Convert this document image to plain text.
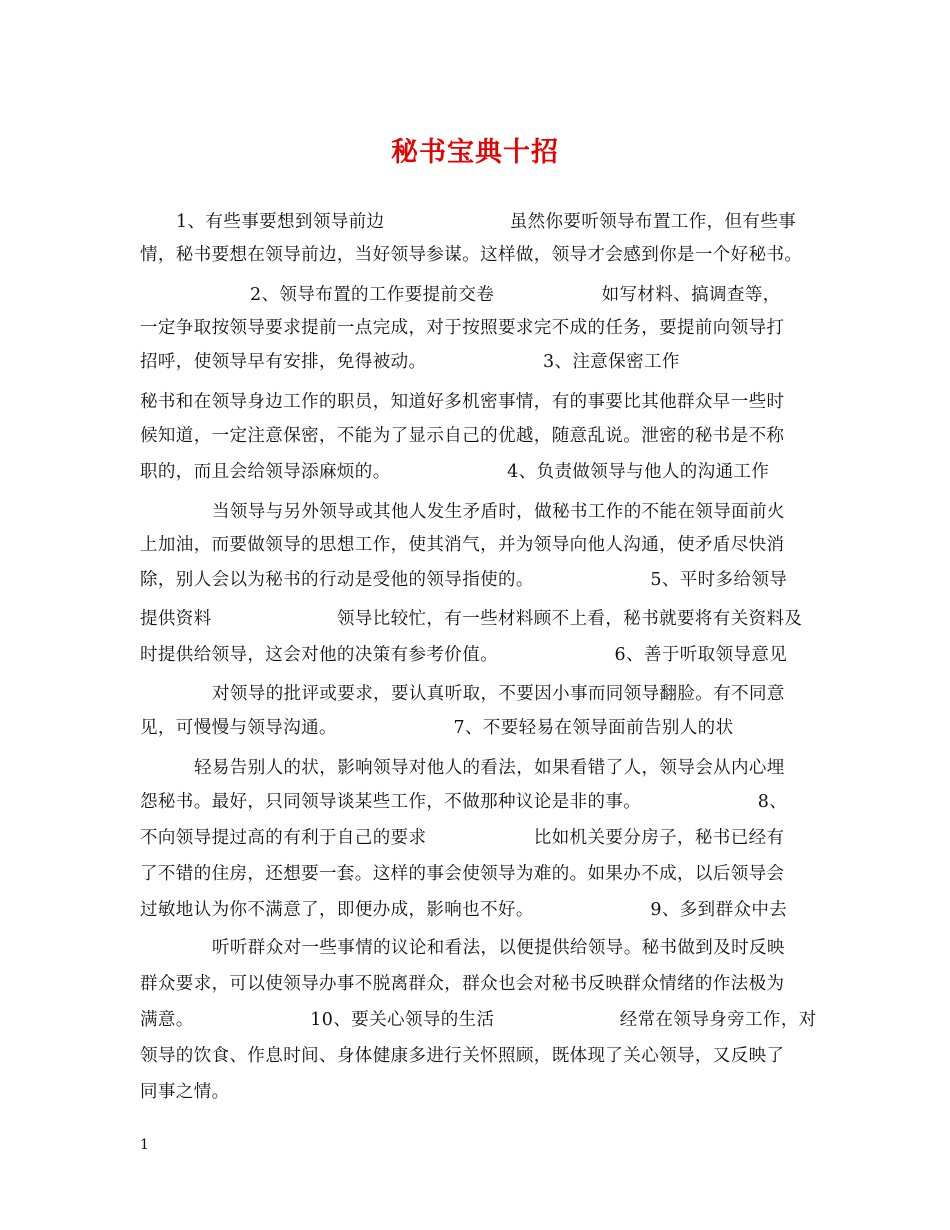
秘书宝典十招
1、有些事要想到领导前边　　　　　　　虽然你要听领导布置工作，但有些事
情，秘书要想在领导前边，当好领导参谋。这样做，领导才会感到你是一个好秘书。
2、领导布置的工作要提前交卷　　　　　　如写材料、搞调查等，
一定争取按领导要求提前一点完成，对于按照要求完不成的任务，要提前向领导打
招呼，使领导早有安排，免得被动。　　　　　　　3、注意保密工作
秘书和在领导身边工作的职员，知道好多机密事情，有的事要比其他群众早一些时
候知道，一定注意保密，不能为了显示自己的优越，随意乱说。泄密的秘书是不称
职的，而且会给领导添麻烦的。　　　　　　　4、负责做领导与他人的沟通工作
当领导与另外领导或其他人发生矛盾时，做秘书工作的不能在领导面前火
上加油，而要做领导的思想工作，使其消气，并为领导向他人沟通，使矛盾尽快消
除，别人会以为秘书的行动是受他的领导指使的。　　　　　　　5、平时多给领导
提供资料　　　　　　　领导比较忙，有一些材料顾不上看，秘书就要将有关资料及
时提供给领导，这会对他的决策有参考价值。　　　　　　　6、善于听取领导意见
对领导的批评或要求，要认真听取，不要因小事而同领导翻脸。有不同意
见，可慢慢与领导沟通。　　　　　　　7、不要轻易在领导面前告别人的状
轻易告别人的状，影响领导对他人的看法，如果看错了人，领导会从内心埋
怨秘书。最好，只同领导谈某些工作，不做那种议论是非的事。　　　　　　　8、
不向领导提过高的有利于自己的要求　　　　　　比如机关要分房子，秘书已经有
了不错的住房，还想要一套。这样的事会使领导为难的。如果办不成，以后领导会
过敏地认为你不满意了，即便办成，影响也不好。　　　　　　　9、多到群众中去
听听群众对一些事情的议论和看法，以便提供给领导。秘书做到及时反映
群众要求，可以使领导办事不脱离群众，群众也会对秘书反映群众情绪的作法极为
满意。　　　　　　　10、要关心领导的生活　　　　　　　经常在领导身旁工作，对
领导的饮食、作息时间、身体健康多进行关怀照顾，既体现了关心领导，又反映了
同事之情。
1
